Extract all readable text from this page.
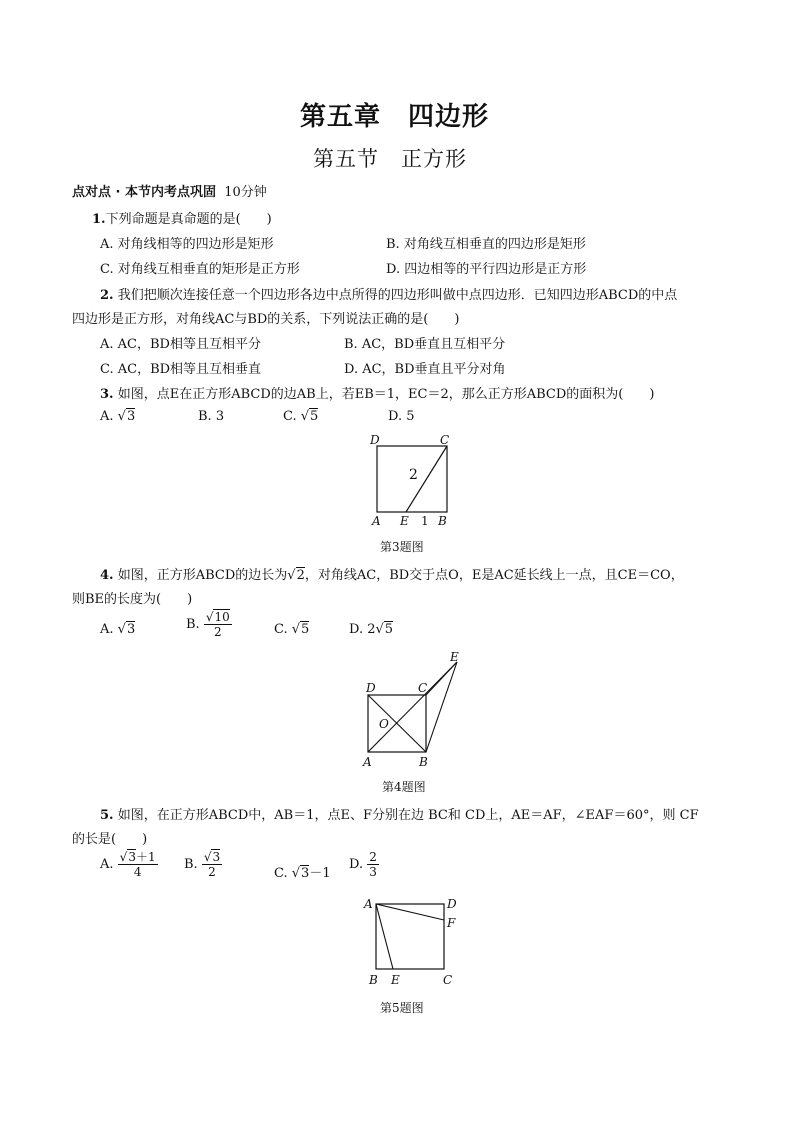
第五章　四边形
第五节　正方形
点对点 · 本节内考点巩固 10分钟
1.下列命题是真命题的是(　　)
A. 对角线相等的四边形是矩形	B. 对角线互相垂直的四边形是矩形
C. 对角线互相垂直的矩形是正方形	D. 四边相等的平行四边形是正方形
2. 我们把顺次连接任意一个四边形各边中点所得的四边形叫做中点四边形．已知四边形ABCD的中点
四边形是正方形，对角线AC与BD的关系，下列说法正确的是(　　)
A. AC，BD相等且互相平分	B. AC，BD垂直且互相平分
C. AC，BD相等且互相垂直	D. AC，BD垂直且平分对角
3. 如图，点E在正方形ABCD的边AB上，若EB＝1，EC＝2，那么正方形ABCD的面积为(　　)
A. √3	B. 3	C. √5	D. 5
D	C
A E 1 B
2
第3题图
4. 如图，正方形ABCD的边长为√2，对角线AC，BD交于点O，E是AC延长线上一点，且CE＝CO，
则BE的长度为(　　)
A. √3	B. $\frac{√10}{2}$	C. √5	D. 2√5
D	C
E
O
A	B
第4题图
5. 如图，在正方形ABCD中，AB＝1，点E、F分别在边 BC和 CD上，AE＝AF，∠EAF＝60°，则 CF
的长是(　　)
A. $\frac{√3+1}{4} B$. $\frac{√3}{2}$	C. √3－1
D. $\frac{2}{3}$
A	D
F
B E	C
第5题图
